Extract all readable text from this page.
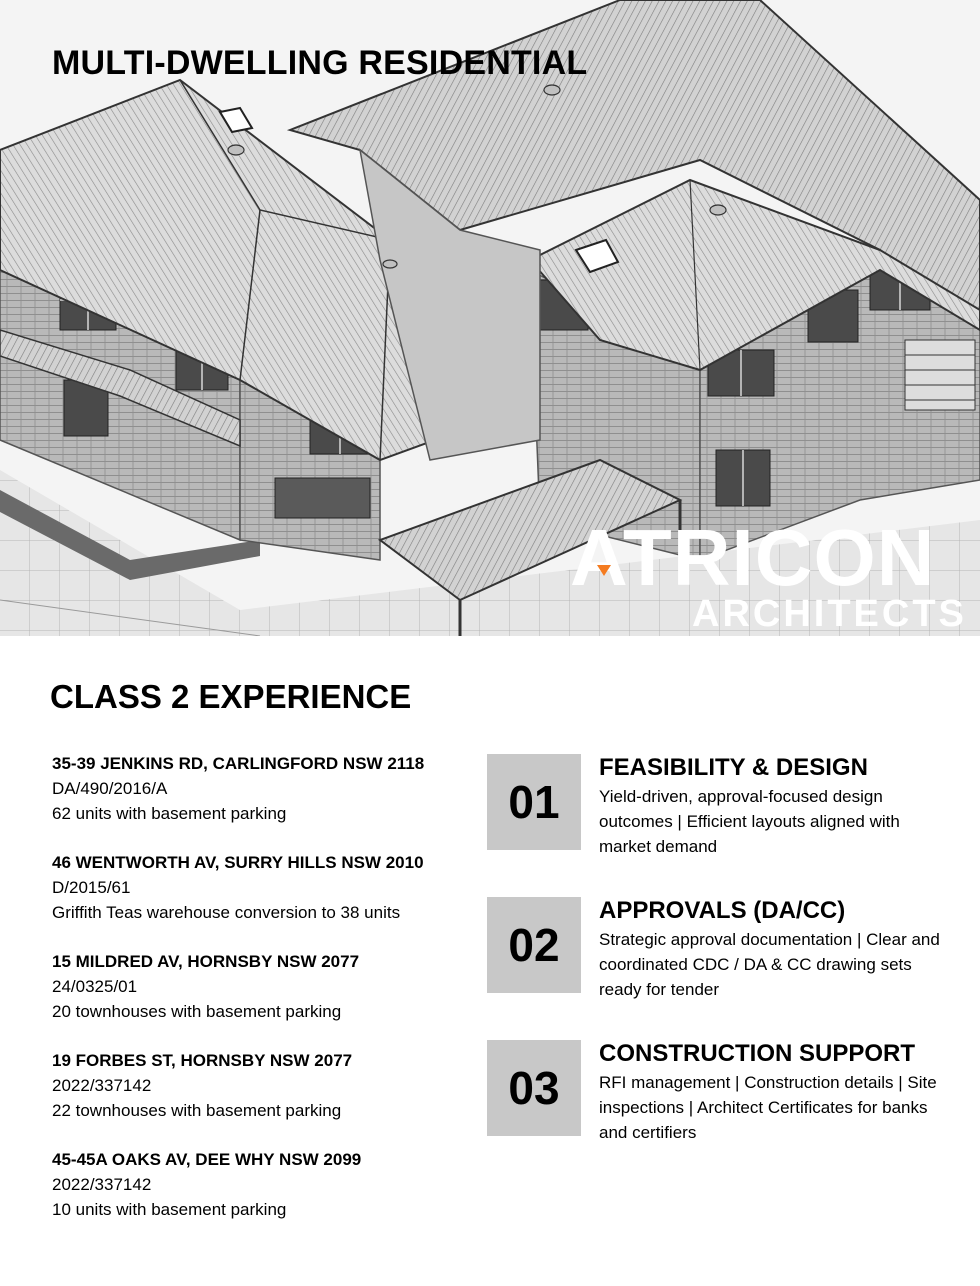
MULTI-DWELLING RESIDENTIAL
ATRICON
ARCHITECTS
CLASS 2 EXPERIENCE
35-39 JENKINS RD, CARLINGFORD NSW 2118
DA/490/2016/A
62 units with basement parking
46 WENTWORTH AV, SURRY HILLS NSW 2010
D/2015/61
Griffith Teas warehouse conversion to 38 units
15 MILDRED AV, HORNSBY NSW 2077
24/0325/01
20 townhouses with basement parking
19 FORBES ST, HORNSBY NSW 2077
2022/337142
22 townhouses with basement parking
45-45A OAKS AV, DEE WHY NSW 2099
2022/337142
10 units with basement parking
01
FEASIBILITY & DESIGN
Yield-driven, approval-focused design outcomes | Efficient layouts aligned with market demand
02
APPROVALS (DA/CC)
Strategic approval documentation | Clear and coordinated CDC / DA & CC drawing sets ready for tender
03
CONSTRUCTION SUPPORT
RFI management | Construction details | Site inspections | Architect Certificates for banks and certifiers
